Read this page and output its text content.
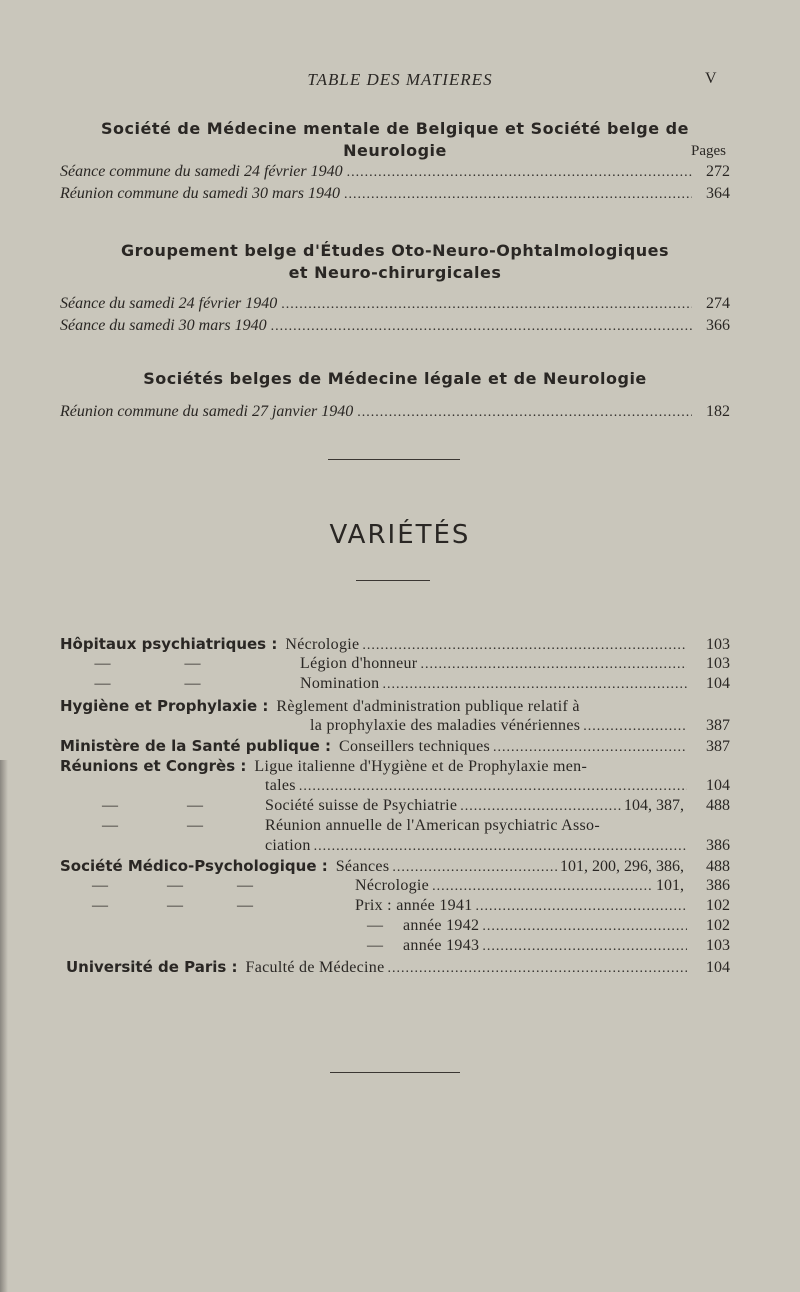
TABLE DES MATIERES	V
Société de Médecine mentale de Belgique et Société belge de Neurologie	Pages
Séance commune du samedi 24 février 1940 .....	272
Réunion commune du samedi 30 mars 1940 .....	364
Groupement belge d'Études Oto-Neuro-Ophtalmologiques
et Neuro-chirurgicales
Séance du samedi 24 février 1940 .....	274
Séance du samedi 30 mars 1940 .....	366
Sociétés belges de Médecine légale et de Neurologie
Réunion commune du samedi 27 janvier 1940 .....	182
VARIÉTÉS
Hôpitaux psychiatriques : Nécrologie .....	103
—	—	Légion d'honneur .....	103
—	—	Nomination .....	104
Hygiène et Prophylaxie : Règlement d'administration publique relatif à
la prophylaxie des maladies vénériennes .....	387
Ministère de la Santé publique : Conseillers techniques .....	387
Réunions et Congrès : Ligue italienne d'Hygiène et de Prophylaxie men-
tales .....	104
—	—	Société suisse de Psychiatrie .....	104, 387,	488
—	—	Réunion annuelle de l'American psychiatric Asso-
ciation .....	386
Société Médico-Psychologique : Séances .....	101, 200, 296, 386,	488
—	—	—	Nécrologie .....	101,	386
—	—	—	Prix : année 1941 .....	102
—	année 1942 .....	102
—	année 1943 .....	103
Université de Paris : Faculté de Médecine .....	104
